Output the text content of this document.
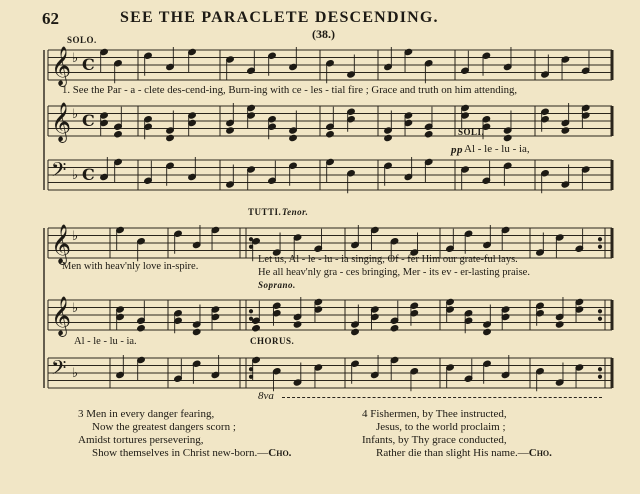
62	SEE THE PARACLETE DESCENDING.
(38.)
𝄞 ♭ C
𝄞 ♭ C
𝄢 ♭ C
𝄞 ♭
𝄞 ♭
𝄢 ♭
SOLO.
SOLI.
pp
TUTTI. Tenor.
Soprano.
CHORUS.
8va
1. See the Par - a - clete des-cend-ing, Burn-ing with ce - les - tial fire ; Grace and truth on him attending,
Al - le - lu - ia,
Men with heav'nly love in-spire.
Let us, Al - le - lu - ia singing, Of - fer Him our grate-ful lays.
He all heav'nly gra - ces bringing, Mer - its ev - er-lasting praise.
Al - le - lu - ia.
3 Men in every danger fearing,
Now the greatest dangers scorn ;
Amidst tortures persevering,
Show themselves in Christ new-born.—Cho.
4 Fishermen, by Thee instructed,
Jesus, to the world proclaim ;
Infants, by Thy grace conducted,
Rather die than slight His name.—Cho.
